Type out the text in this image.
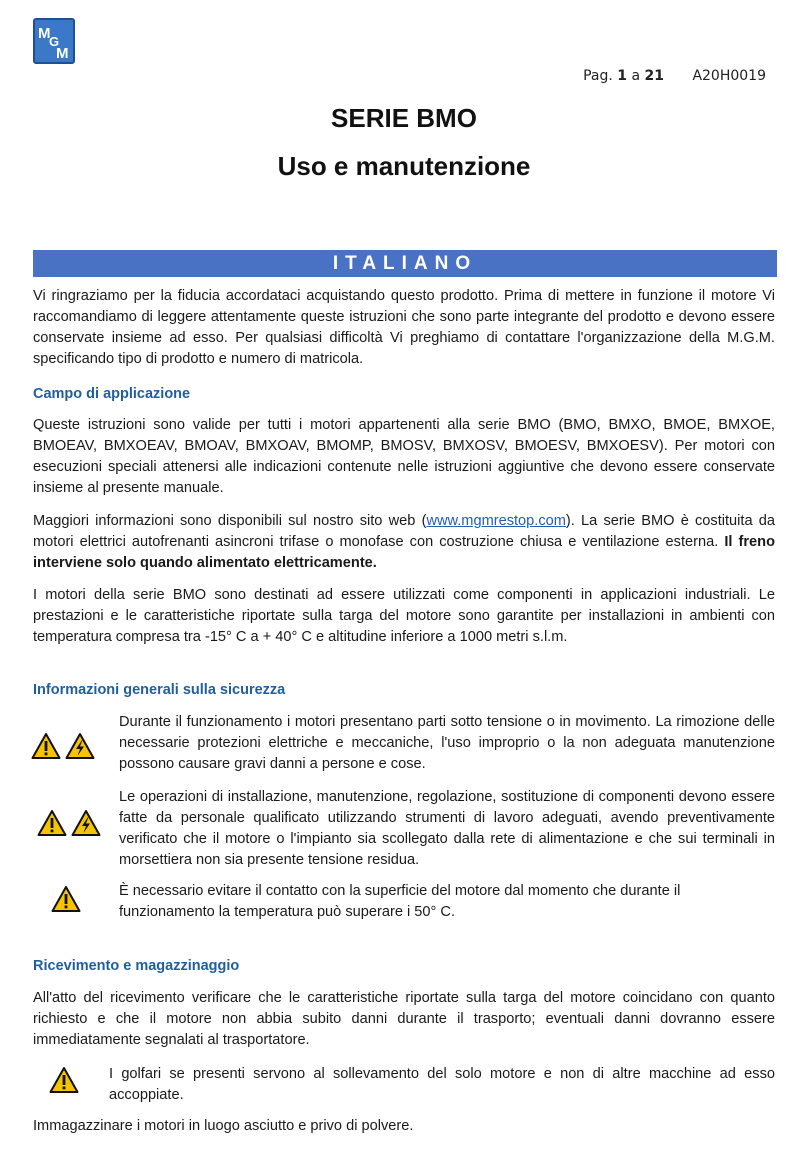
M
G
M
Pag. 1 a 21 A20H0019
SERIE BMO
Uso e manutenzione
ITALIANO

Vi ringraziamo per la fiducia accordataci acquistando questo prodotto. Prima di mettere in funzione il motore Vi raccomandiamo di leggere attentamente queste istruzioni che sono parte integrante del prodotto e devono essere conservate insieme ad esso. Per qualsiasi difficoltà Vi preghiamo di contattare l'organizzazione della M.G.M. specificando tipo di prodotto e numero di matricola.

Campo di applicazione

Queste istruzioni sono valide per tutti i motori appartenenti alla serie BMO (BMO, BMXO, BMOE, BMXOE, BMOEAV, BMXOEAV, BMOAV, BMXOAV, BMOMP, BMOSV, BMXOSV, BMOESV, BMXOESV). Per motori con esecuzioni speciali attenersi alle indicazioni contenute nelle istruzioni aggiuntive che devono essere conservate insieme al presente manuale.

Maggiori informazioni sono disponibili sul nostro sito web (www.mgmrestop.com). La serie BMO è costituita da motori elettrici autofrenanti asincroni trifase o monofase con costruzione chiusa e ventilazione esterna. Il freno interviene solo quando alimentato elettricamente.

I motori della serie BMO sono destinati ad essere utilizzati come componenti in applicazioni industriali. Le prestazioni e le caratteristiche riportate sulla targa del motore sono garantite per installazioni in ambienti con temperatura compresa tra -15° C a + 40° C e altitudine inferiore a 1000 metri s.l.m.

Informazioni generali sulla sicurezza

Durante il funzionamento i motori presentano parti sotto tensione o in movimento. La rimozione delle necessarie protezioni elettriche e meccaniche, l'uso improprio o la non adeguata manutenzione possono causare gravi danni a persone e cose.

Le operazioni di installazione, manutenzione, regolazione, sostituzione di componenti devono essere fatte da personale qualificato utilizzando strumenti di lavoro adeguati, avendo preventivamente verificato che il motore o l'impianto sia scollegato dalla rete di alimentazione e che sui terminali in morsettiera non sia presente tensione residua.

È necessario evitare il contatto con la superficie del motore dal momento che durante il funzionamento la temperatura può superare i 50° C.

Ricevimento e magazzinaggio

All'atto del ricevimento verificare che le caratteristiche riportate sulla targa del motore coincidano con quanto richiesto e che il motore non abbia subito danni durante il trasporto; eventuali danni dovranno essere immediatamente segnalati al trasportatore.

I golfari se presenti servono al sollevamento del solo motore e non di altre macchine ad esso accoppiate.

Immagazzinare i motori in luogo asciutto e privo di polvere.
